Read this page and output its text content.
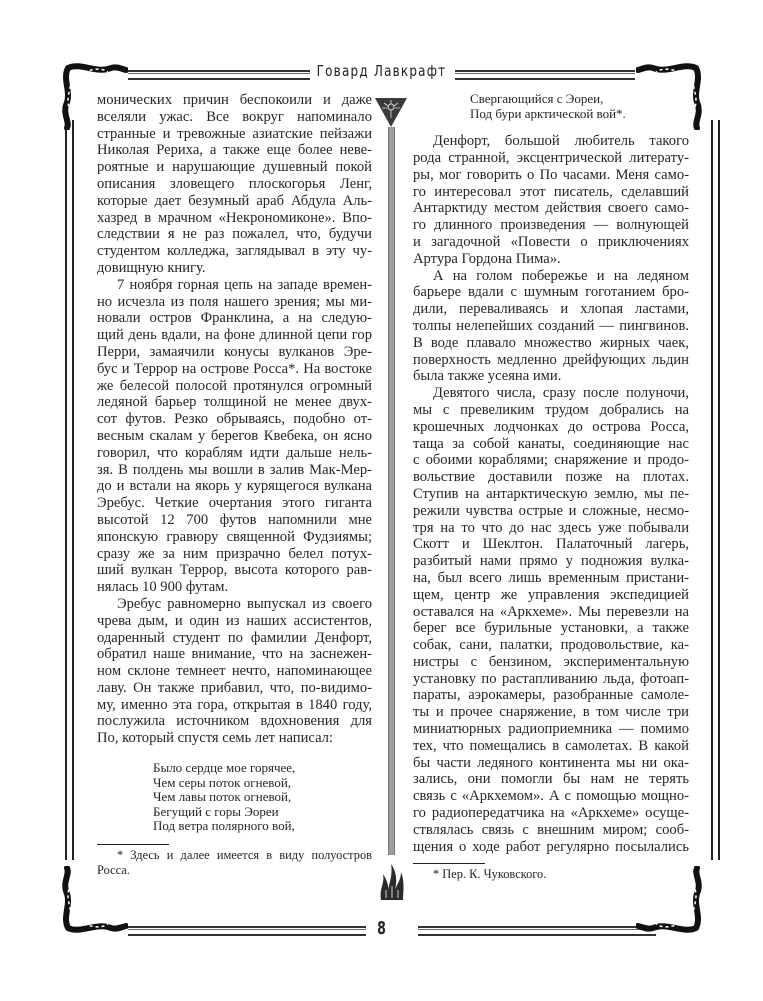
Говард Лавкрафт
монических причин беспокоили и даже
вселяли ужас. Все вокруг напоминало
странные и тревожные азиатские пейзажи
Николая Рериха, а также еще более неве-
роятные и нарушающие душевный покой
описания зловещего плоскогорья Ленг,
которые дает безумный араб Абдула Аль-
хазред в мрачном «Некрономиконе». Впо-
следствии я не раз пожалел, что, будучи
студентом колледжа, заглядывал в эту чу-
довищную книгу.
7 ноября горная цепь на западе времен-
но исчезла из поля нашего зрения; мы ми-
новали остров Франклина, а на следую-
щий день вдали, на фоне длинной цепи гор
Перри, замаячили конусы вулканов Эре-
бус и Террор на острове Росса*. На востоке
же белесой полосой протянулся огромный
ледяной барьер толщиной не менее двух-
сот футов. Резко обрываясь, подобно от-
весным скалам у берегов Квебека, он ясно
говорил, что кораблям идти дальше нель-
зя. В полдень мы вошли в залив Мак-Мер-
до и встали на якорь у курящегося вулкана
Эребус. Четкие очертания этого гиганта
высотой 12 700 футов напомнили мне
японскую гравюру священной Фудзиямы;
сразу же за ним призрачно белел потух-
ший вулкан Террор, высота которого рав-
нялась 10 900 футам.
Эребус равномерно выпускал из своего
чрева дым, и один из наших ассистентов,
одаренный студент по фамилии Денфорт,
обратил наше внимание, что на заснежен-
ном склоне темнеет нечто, напоминающее
лаву. Он также прибавил, что, по-видимо-
му, именно эта гора, открытая в 1840 году,
послужила источником вдохновения для
По, который спустя семь лет написал:
Было сердце мое горячее,
Чем серы поток огневой,
Чем лавы поток огневой,
Бегущий с горы Эореи
Под ветра полярного вой,
* Здесь и далее имеется в виду полуостров
Росса.
Свергающийся с Эореи,
Под бури арктической вой*.
Денфорт, большой любитель такого
рода странной, эксцентрической литерату-
ры, мог говорить о По часами. Меня само-
го интересовал этот писатель, сделавший
Антарктиду местом действия своего само-
го длинного произведения — волнующей
и загадочной «Повести о приключениях
Артура Гордона Пима».
А на голом побережье и на ледяном
барьере вдали с шумным гоготанием бро-
дили, переваливаясь и хлопая ластами,
толпы нелепейших созданий — пингвинов.
В воде плавало множество жирных чаек,
поверхность медленно дрейфующих льдин
была также усеяна ими.
Девятого числа, сразу после полуночи,
мы с превеликим трудом добрались на
крошечных лодчонках до острова Росса,
таща за собой канаты, соединяющие нас
с обоими кораблями; снаряжение и продо-
вольствие доставили позже на плотах.
Ступив на антарктическую землю, мы пе-
режили чувства острые и сложные, несмо-
тря на то что до нас здесь уже побывали
Скотт и Шеклтон. Палаточный лагерь,
разбитый нами прямо у подножия вулка-
на, был всего лишь временным пристани-
щем, центр же управления экспедицией
оставался на «Аркхеме». Мы перевезли на
берег все бурильные установки, а также
собак, сани, палатки, продовольствие, ка-
нистры с бензином, экспериментальную
установку по растапливанию льда, фотоап-
параты, аэрокамеры, разобранные самоле-
ты и прочее снаряжение, в том числе три
миниатюрных радиоприемника — помимо
тех, что помещались в самолетах. В какой
бы части ледяного континента мы ни ока-
зались, они помогли бы нам не терять
связь с «Аркхемом». А с помощью мощно-
го радиопередатчика на «Аркхеме» осуще-
ствлялась связь с внешним миром; сооб-
щения о ходе работ регулярно посылались
* Пер. К. Чуковского.
8
